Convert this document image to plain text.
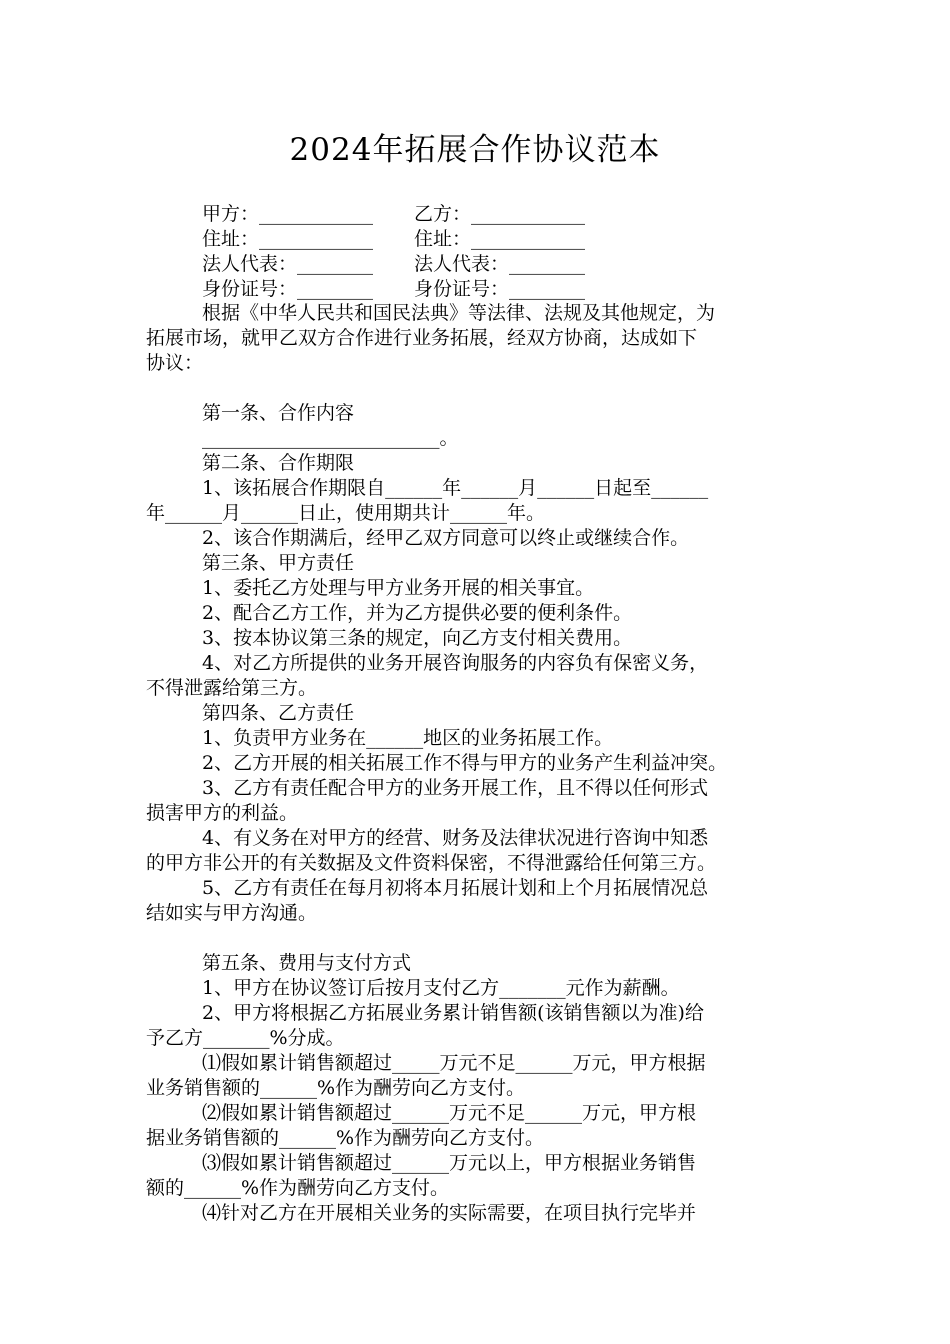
2024年拓展合作协议范本
甲方：____________ 乙方：____________
住址：____________ 住址：____________
法人代表：________ 法人代表：________
身份证号：________ 身份证号：________
根据《中华人民共和国民法典》等法律、法规及其他规定，为
拓展市场，就甲乙双方合作进行业务拓展，经双方协商，达成如下
协议：
第一条、合作内容
_________________________。
第二条、合作期限
1、该拓展合作期限自______年______月______日起至______
年______月______日止，使用期共计______年。
2、该合作期满后，经甲乙双方同意可以终止或继续合作。
第三条、甲方责任
1、委托乙方处理与甲方业务开展的相关事宜。
2、配合乙方工作，并为乙方提供必要的便利条件。
3、按本协议第三条的规定，向乙方支付相关费用。
4、对乙方所提供的业务开展咨询服务的内容负有保密义务，
不得泄露给第三方。
第四条、乙方责任
1、负责甲方业务在______地区的业务拓展工作。
2、乙方开展的相关拓展工作不得与甲方的业务产生利益冲突。
3、乙方有责任配合甲方的业务开展工作，且不得以任何形式
损害甲方的利益。
4、有义务在对甲方的经营、财务及法律状况进行咨询中知悉
的甲方非公开的有关数据及文件资料保密，不得泄露给任何第三方。
5、乙方有责任在每月初将本月拓展计划和上个月拓展情况总
结如实与甲方沟通。
第五条、费用与支付方式
1、甲方在协议签订后按月支付乙方_______元作为薪酬。
2、甲方将根据乙方拓展业务累计销售额(该销售额以为准)给
予乙方_______%分成。
⑴假如累计销售额超过_____万元不足______万元，甲方根据
业务销售额的______%作为酬劳向乙方支付。
⑵假如累计销售额超过______万元不足______万元，甲方根
据业务销售额的______%作为酬劳向乙方支付。
⑶假如累计销售额超过______万元以上，甲方根据业务销售
额的______%作为酬劳向乙方支付。
⑷针对乙方在开展相关业务的实际需要，在项目执行完毕并
